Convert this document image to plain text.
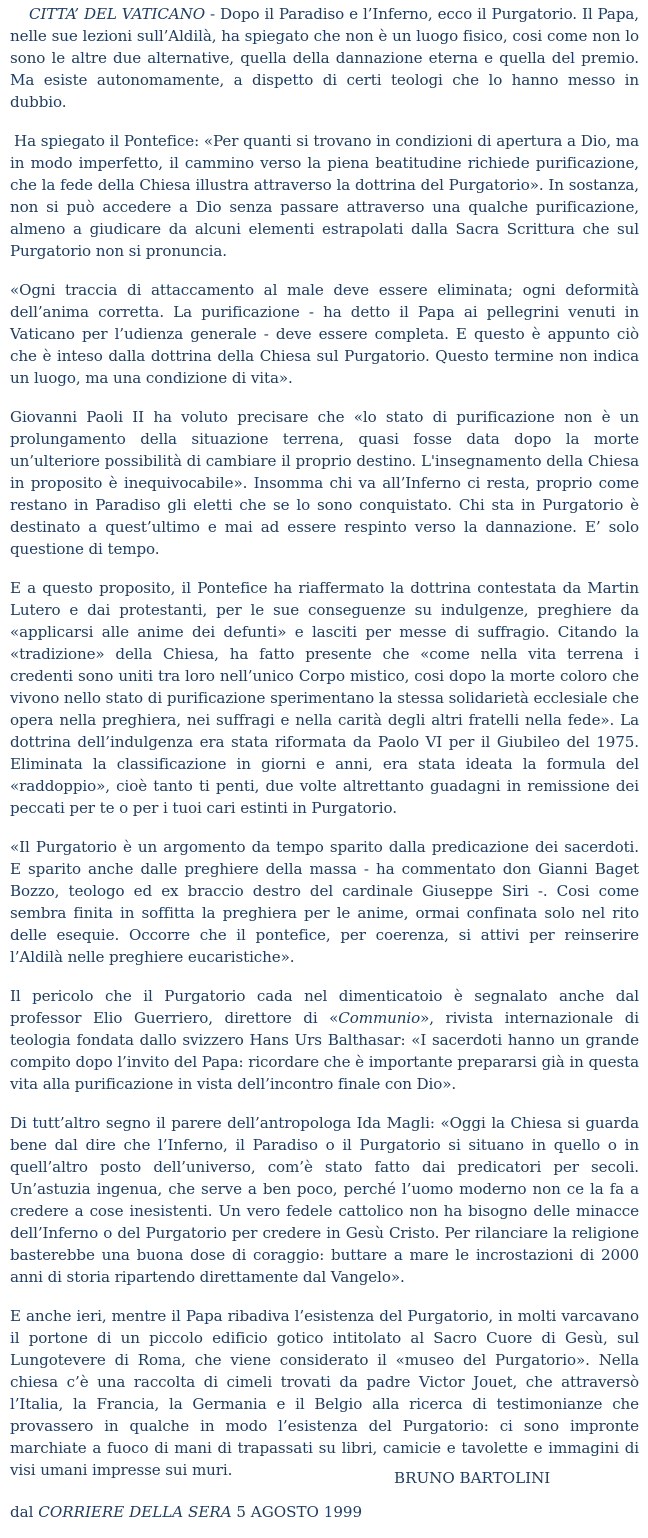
CITTA’ DEL VATICANO - Dopo il Paradiso e l’Inferno, ecco il Purgatorio. Il Papa, nelle sue lezioni sull’Aldilà, ha spiegato che non è un luogo fisico, cosi come non lo sono le altre due alternative, quella della dannazione eterna e quella del premio. Ma esiste autonomamente, a dispetto di certi teologi che lo hanno messo in dubbio.

Ha spiegato il Pontefice: «Per quanti si trovano in condizioni di apertura a Dio, ma in modo imperfetto, il cammino verso la piena beatitudine richiede purificazione, che la fede della Chiesa illustra attraverso la dottrina del Purgatorio». In sostanza, non si può accedere a Dio senza passare attraverso una qualche purificazione, almeno a giudicare da alcuni elementi estrapolati dalla Sacra Scrittura che sul Purgatorio non si pronuncia.

«Ogni traccia di attaccamento al male deve essere eliminata; ogni deformità dell’anima corretta. La purificazione - ha detto il Papa ai pellegrini venuti in Vaticano per l’udienza generale - deve essere completa. E questo è appunto ciò che è inteso dalla dottrina della Chiesa sul Purgatorio. Questo termine non indica un luogo, ma una condizione di vita».

Giovanni Paoli II ha voluto precisare che «lo stato di purificazione non è un prolungamento della situazione terrena, quasi fosse data dopo la morte un’ulteriore possibilità di cambiare il proprio destino. L'insegnamento della Chiesa in proposito è inequivocabile». Insomma chi va all’Inferno ci resta, proprio come restano in Paradiso gli eletti che se lo sono conquistato. Chi sta in Purgatorio è destinato a quest’ultimo e mai ad essere respinto verso la dannazione. E’ solo questione di tempo.

E a questo proposito, il Pontefice ha riaffermato la dottrina contestata da Martin Lutero e dai protestanti, per le sue conseguenze su indulgenze, preghiere da «applicarsi alle anime dei defunti» e lasciti per messe di suffragio. Citando la «tradizione» della Chiesa, ha fatto presente che «come nella vita terrena i credenti sono uniti tra loro nell’unico Corpo mistico, cosi dopo la morte coloro che vivono nello stato di purificazione sperimentano la stessa solidarietà ecclesiale che opera nella preghiera, nei suffragi e nella carità degli altri fratelli nella fede». La dottrina dell’indulgenza era stata riformata da Paolo VI per il Giubileo del 1975. Eliminata la classificazione in giorni e anni, era stata ideata la formula del «raddoppio», cioè tanto ti penti, due volte altrettanto guadagni in remissione dei peccati per te o per i tuoi cari estinti in Purgatorio.

«Il Purgatorio è un argomento da tempo sparito dalla predicazione dei sacerdoti. E sparito anche dalle preghiere della massa - ha commentato don Gianni Baget Bozzo, teologo ed ex braccio destro del cardinale Giuseppe Siri -. Cosi come sembra finita in soffitta la preghiera per le anime, ormai confinata solo nel rito delle esequie. Occorre che il pontefice, per coerenza, si attivi per reinserire l’Aldilà nelle preghiere eucaristiche».

Il pericolo che il Purgatorio cada nel dimenticatoio è segnalato anche dal professor Elio Guerriero, direttore di «Communio», rivista internazionale di teologia fondata dallo svizzero Hans Urs Balthasar: «I sacerdoti hanno un grande compito dopo l’invito del Papa: ricordare che è importante prepararsi già in questa vita alla purificazione in vista dell’incontro finale con Dio».

Di tutt’altro segno il parere dell’antropologa Ida Magli: «Oggi la Chiesa si guarda bene dal dire che l’Inferno, il Paradiso o il Purgatorio si situano in quello o in quell’altro posto dell’universo, com’è stato fatto dai predicatori per secoli. Un’astuzia ingenua, che serve a ben poco, perché l’uomo moderno non ce la fa a credere a cose inesistenti. Un vero fedele cattolico non ha bisogno delle minacce dell’Inferno o del Purgatorio per credere in Gesù Cristo. Per rilanciare la religione basterebbe una buona dose di coraggio: buttare a mare le incrostazioni di 2000 anni di storia ripartendo direttamente dal Vangelo».

E anche ieri, mentre il Papa ribadiva l’esistenza del Purgatorio, in molti varcavano il portone di un piccolo edificio gotico intitolato al Sacro Cuore di Gesù, sul Lungotevere di Roma, che viene considerato il «museo del Purgatorio». Nella chiesa c’è una raccolta di cimeli trovati da padre Victor Jouet, che attraversò l’Italia, la Francia, la Germania e il Belgio alla ricerca di testimonianze che provassero in qualche in modo l’esistenza del Purgatorio: ci sono impronte marchiate a fuoco di mani di trapassati su libri, camicie e tavolette e immagini di visi umani impresse sui muri.	BRUNO BARTOLINI

dal CORRIERE DELLA SERA 5 AGOSTO 1999
